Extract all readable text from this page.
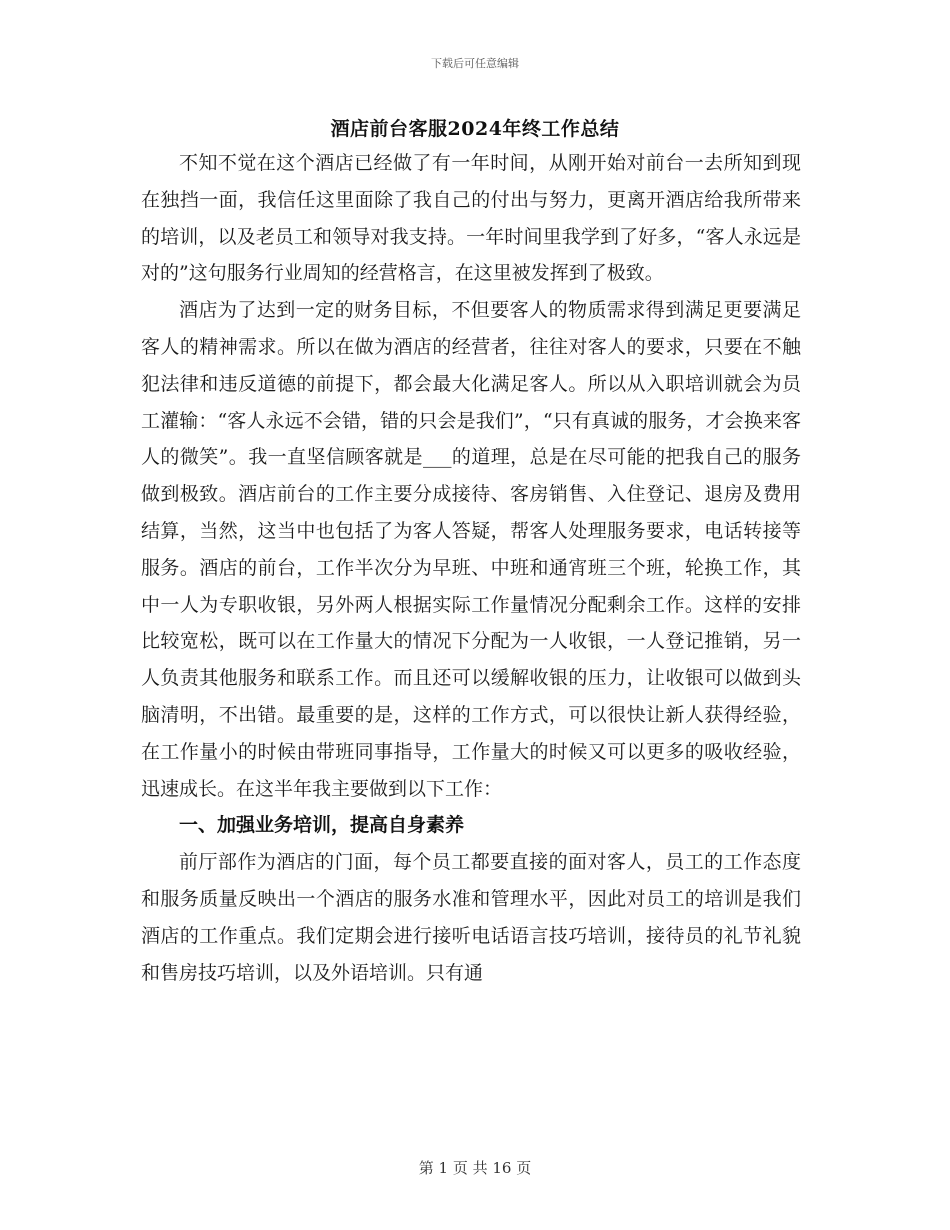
下载后可任意编辑
酒店前台客服2024年终工作总结

不知不觉在这个酒店已经做了有一年时间，从刚开始对前台一去所知到现在独挡一面，我信任这里面除了我自己的付出与努力，更离开酒店给我所带来的培训，以及老员工和领导对我支持。一年时间里我学到了好多，“客人永远是对的”这句服务行业周知的经营格言，在这里被发挥到了极致。

酒店为了达到一定的财务目标，不但要客人的物质需求得到满足更要满足客人的精神需求。所以在做为酒店的经营者，往往对客人的要求，只要在不触犯法律和违反道德的前提下，都会最大化满足客人。所以从入职培训就会为员工灌输：“客人永远不会错，错的只会是我们”，“只有真诚的服务，才会换来客人的微笑”。我一直坚信顾客就是___的道理，总是在尽可能的把我自己的服务做到极致。酒店前台的工作主要分成接待、客房销售、入住登记、退房及费用结算，当然，这当中也包括了为客人答疑，帮客人处理服务要求，电话转接等服务。酒店的前台，工作半次分为早班、中班和通宵班三个班，轮换工作，其中一人为专职收银，另外两人根据实际工作量情况分配剩余工作。这样的安排比较宽松，既可以在工作量大的情况下分配为一人收银，一人登记推销，另一人负责其他服务和联系工作。而且还可以缓解收银的压力，让收银可以做到头脑清明，不出错。最重要的是，这样的工作方式，可以很快让新人获得经验，在工作量小的时候由带班同事指导，工作量大的时候又可以更多的吸收经验，迅速成长。在这半年我主要做到以下工作：

一、加强业务培训，提高自身素养

前厅部作为酒店的门面，每个员工都要直接的面对客人，员工的工作态度和服务质量反映出一个酒店的服务水准和管理水平，因此对员工的培训是我们酒店的工作重点。我们定期会进行接听电话语言技巧培训，接待员的礼节礼貌和售房技巧培训，以及外语培训。只有通

第 1 页 共 16 页
